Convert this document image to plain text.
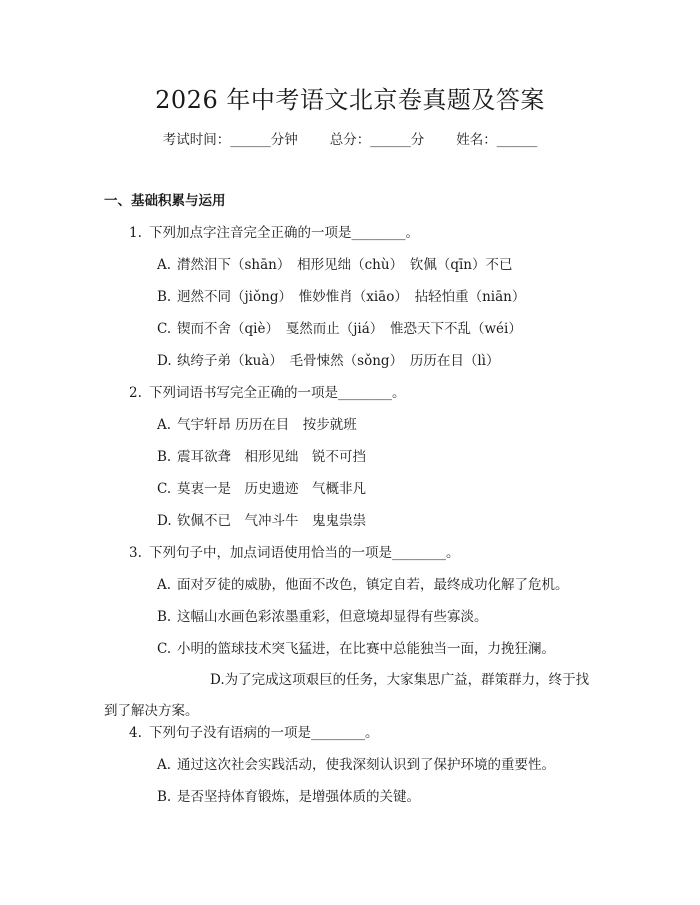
2026 年中考语文北京卷真题及答案
考试时间：______分钟 总分：______分 姓名：______
一、基础积累与运用
1. 下列加点字注音完全正确的一项是________。
A. 潸然泪下（shān）　相形见绌（chù）　钦佩（qīn）不已
B. 迥然不同（jiǒng）　惟妙惟肖（xiāo）　拈轻怕重（niān）
C. 锲而不舍（qiè）　戛然而止（jiá）　惟恐天下不乱（wéi）
D. 纨绔子弟（kuà）　毛骨悚然（sǒng）　历历在目（lì）
2. 下列词语书写完全正确的一项是________。
A. 气宇轩昂 历历在目　按步就班
B. 震耳欲聋　相形见绌　锐不可挡
C. 莫衷一是　历史遗迹　气概非凡
D. 钦佩不已　气冲斗牛　鬼鬼祟祟
3. 下列句子中，加点词语使用恰当的一项是________。
A. 面对歹徒的威胁，他面不改色，镇定自若，最终成功化解了危机。
B. 这幅山水画色彩浓墨重彩，但意境却显得有些寡淡。
C. 小明的篮球技术突飞猛进，在比赛中总能独当一面，力挽狂澜。
D.为了完成这项艰巨的任务，大家集思广益，群策群力，终于找到了解决方案。
4. 下列句子没有语病的一项是________。
A. 通过这次社会实践活动，使我深刻认识到了保护环境的重要性。
B. 是否坚持体育锻炼，是增强体质的关键。
